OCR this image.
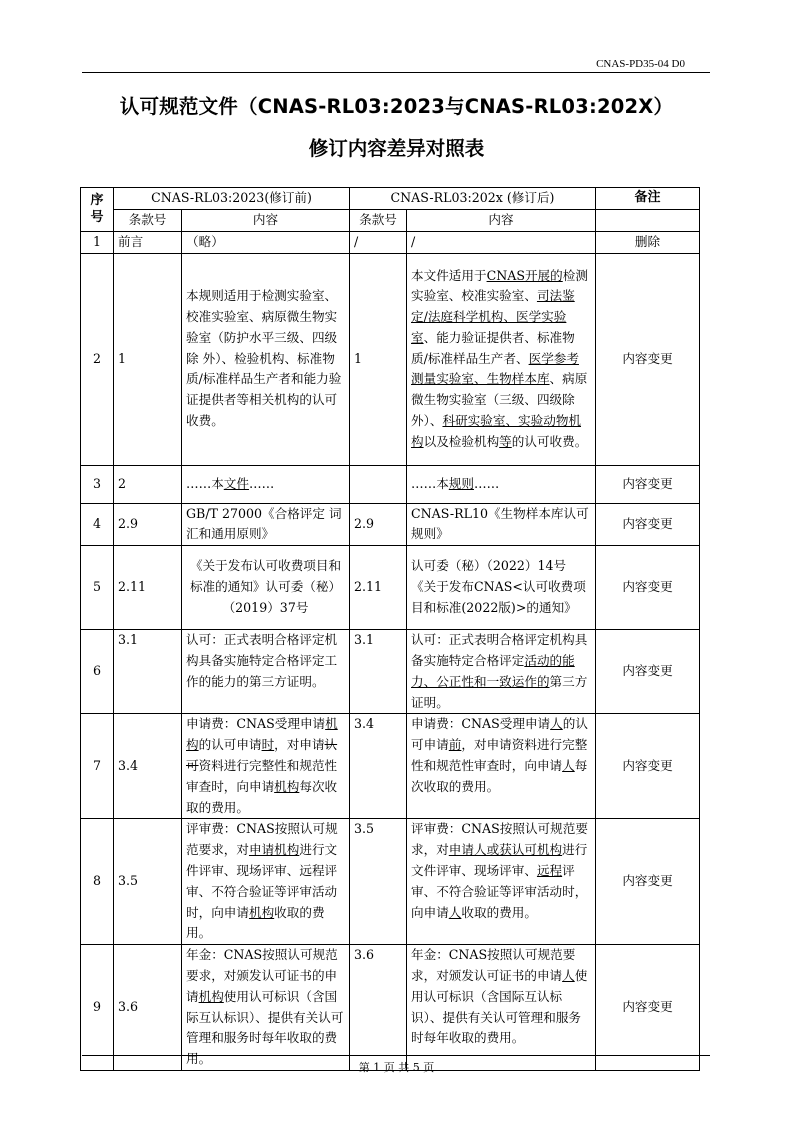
CNAS-PD35-04 D0
认可规范文件（CNAS-RL03:2023与CNAS-RL03:202X）
修订内容差异对照表
序号	CNAS-RL03:2023(修订前)		CNAS-RL03:202x (修订后)		备注
	条款号	内容	条款号	内容	
1	前言	（略）	/	/	删除
2	1	本规则适用于检测实验室、校准实验室、病原微生物实验室（防护水平三级、四级除 外）、检验机构、标准物质/标准样品生产者和能力验证提供者等相关机构的认可收费。	1	本文件适用于CNAS开展的检测实验室、校准实验室、司法鉴定/法庭科学机构、医学实验室、能力验证提供者、标准物质/标准样品生产者、医学参考测量实验室、生物样本库、病原微生物实验室（三级、四级除外）、科研实验室、实验动物机构以及检验机构等的认可收费。	内容变更
3	2	……本文件……		……本规则……	内容变更
4	2.9	GB/T 27000《合格评定 词汇和通用原则》	2.9	CNAS-RL10《生物样本库认可规则》	内容变更
5	2.11	《关于发布认可收费项目和标准的通知》认可委（秘）（2019）37号	2.11	认可委（秘）（2022）14号《关于发布CNAS<认可收费项目和标准(2022版)>的通知》	内容变更
6	3.1	认可：正式表明合格评定机构具备实施特定合格评定工作的能力的第三方证明。	3.1	认可：正式表明合格评定机构具备实施特定合格评定活动的能力、公正性和一致运作的第三方证明。	内容变更
7	3.4	申请费：CNAS受理申请机构的认可申请时，对申请认可资料进行完整性和规范性审查时，向申请机构每次收取的费用。	3.4	申请费：CNAS受理申请人的认可申请前，对申请资料进行完整性和规范性审查时，向申请人每次收取的费用。	内容变更
8	3.5	评审费：CNAS按照认可规范要求，对申请机构进行文件评审、现场评审、远程评审、不符合验证等评审活动时，向申请机构收取的费用。	3.5	评审费：CNAS按照认可规范要求，对申请人或获认可机构进行文件评审、现场评审、远程评审、不符合验证等评审活动时，向申请人收取的费用。	内容变更
9	3.6	年金：CNAS按照认可规范要求，对颁发认可证书的申请机构使用认可标识（含国际互认标识）、提供有关认可管理和服务时每年收取的费用。	3.6	年金：CNAS按照认可规范要求，对颁发认可证书的申请人使用认可标识（含国际互认标识）、提供有关认可管理和服务时每年收取的费用。	内容变更
第 1 页 共 5 页
